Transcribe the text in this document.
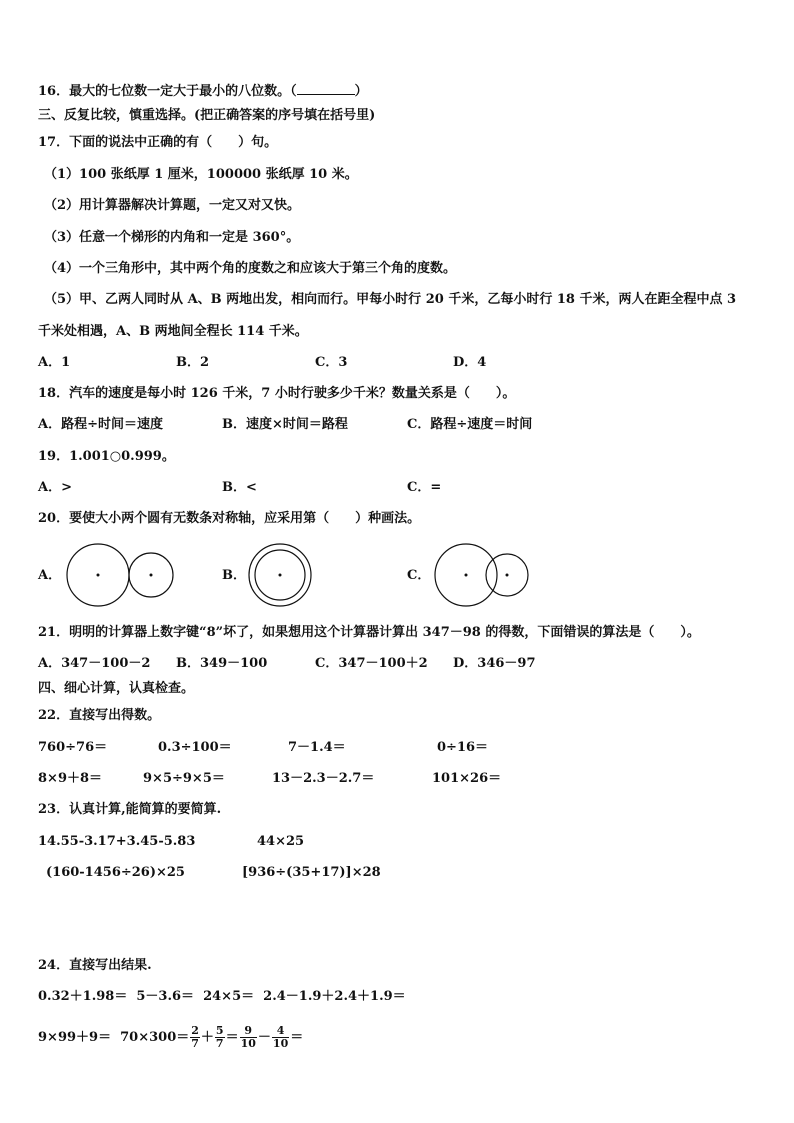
16．最大的七位数一定大于最小的八位数。（	）
三、反复比较，慎重选择。(把正确答案的序号填在括号里)
17．下面的说法中正确的有（　　）句。
（1）100 张纸厚 1 厘米，100000 张纸厚 10 米。
（2）用计算器解决计算题，一定又对又快。
（3）任意一个梯形的内角和一定是 360°。
（4）一个三角形中，其中两个角的度数之和应该大于第三个角的度数。
（5）甲、乙两人同时从 A、B 两地出发，相向而行。甲每小时行 20 千米，乙每小时行 18 千米，两人在距全程中点 3
千米处相遇，A、B 两地间全程长 114 千米。
A．1	B．2	C．3	D．4
18．汽车的速度是每小时 126 千米，7 小时行驶多少千米？数量关系是（　　）。
A．路程÷时间＝速度	B．速度×时间＝路程	C．路程÷速度＝时间
19．1.001○0.999。
A．>	B．<	C．=
20．要使大小两个圆有无数条对称轴，应采用第（　　）种画法。
A．	B．	C．
21．明明的计算器上数字键“8”坏了，如果想用这个计算器计算出 347－98 的得数，下面错误的算法是（　　）。
A．347－100－2 B．349－100	C．347－100＋2 D．346－97
四、细心计算，认真检查。
22．直接写出得数。
760÷76＝	0.3÷100＝	7－1.4＝	0÷16＝
8×9＋8＝	9×5÷9×5＝	13－2.3－2.7＝	101×26＝
23．认真计算,能简算的要简算.
14.55-3.17+3.45-5.83	44×25
(160-1456÷26)×25	[936÷(35+17)]×28
24．直接写出结果.
0.32＋1.98＝  5－3.6＝  24×5＝  2.4－1.9＋2.4＋1.9＝
$9\times 99+9= 70\times 300= \frac{2}{7} + \frac{5}{7} = \frac{9}{10} - \frac{4}{10}$ ＝
